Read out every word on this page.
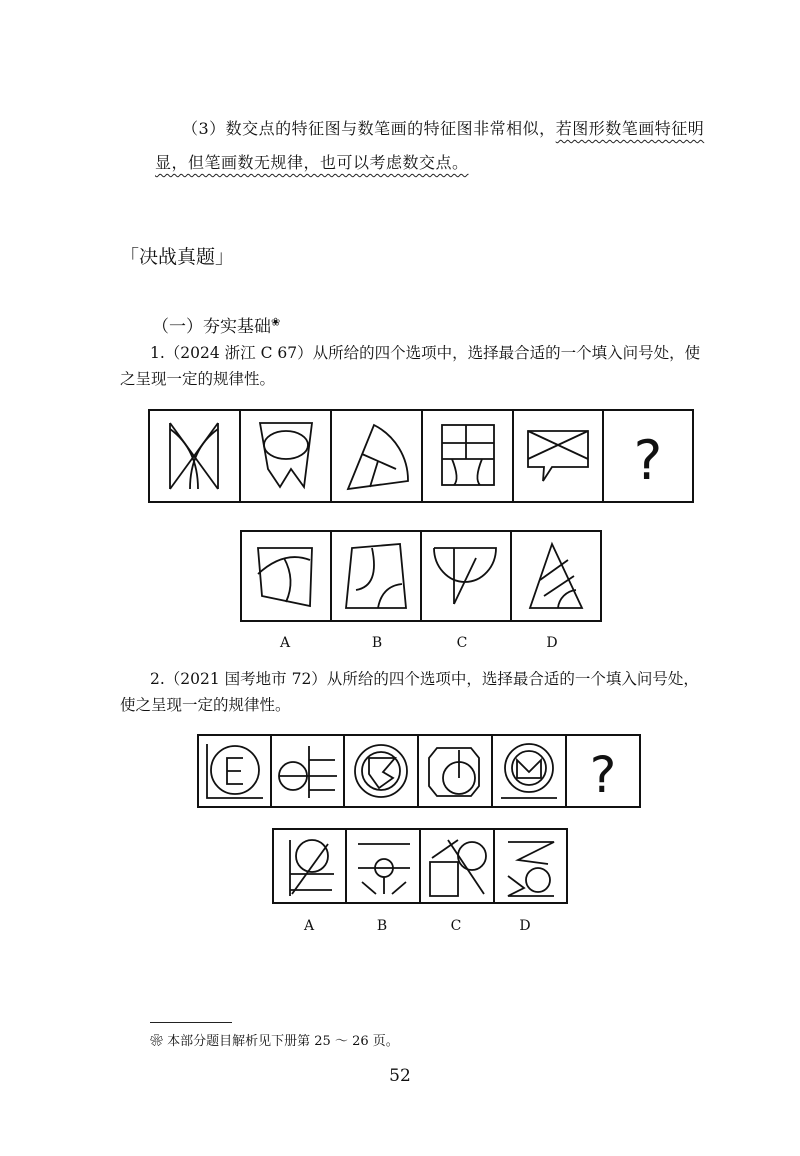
（3）数交点的特征图与数笔画的特征图非常相似，若图形数笔画特征明
显，但笔画数无规律，也可以考虑数交点。
「决战真题」
（一）夯实基础❀

1.（2024 浙江 C 67）从所给的四个选项中，选择最合适的一个填入问号处，使

之呈现一定的规律性。

?
A	B	C	D

2.（2021 国考地市 72）从所给的四个选项中，选择最合适的一个填入问号处，

使之呈现一定的规律性。

?
A	B	C	D
❀ 本部分题目解析见下册第 25 ～ 26 页。
52
